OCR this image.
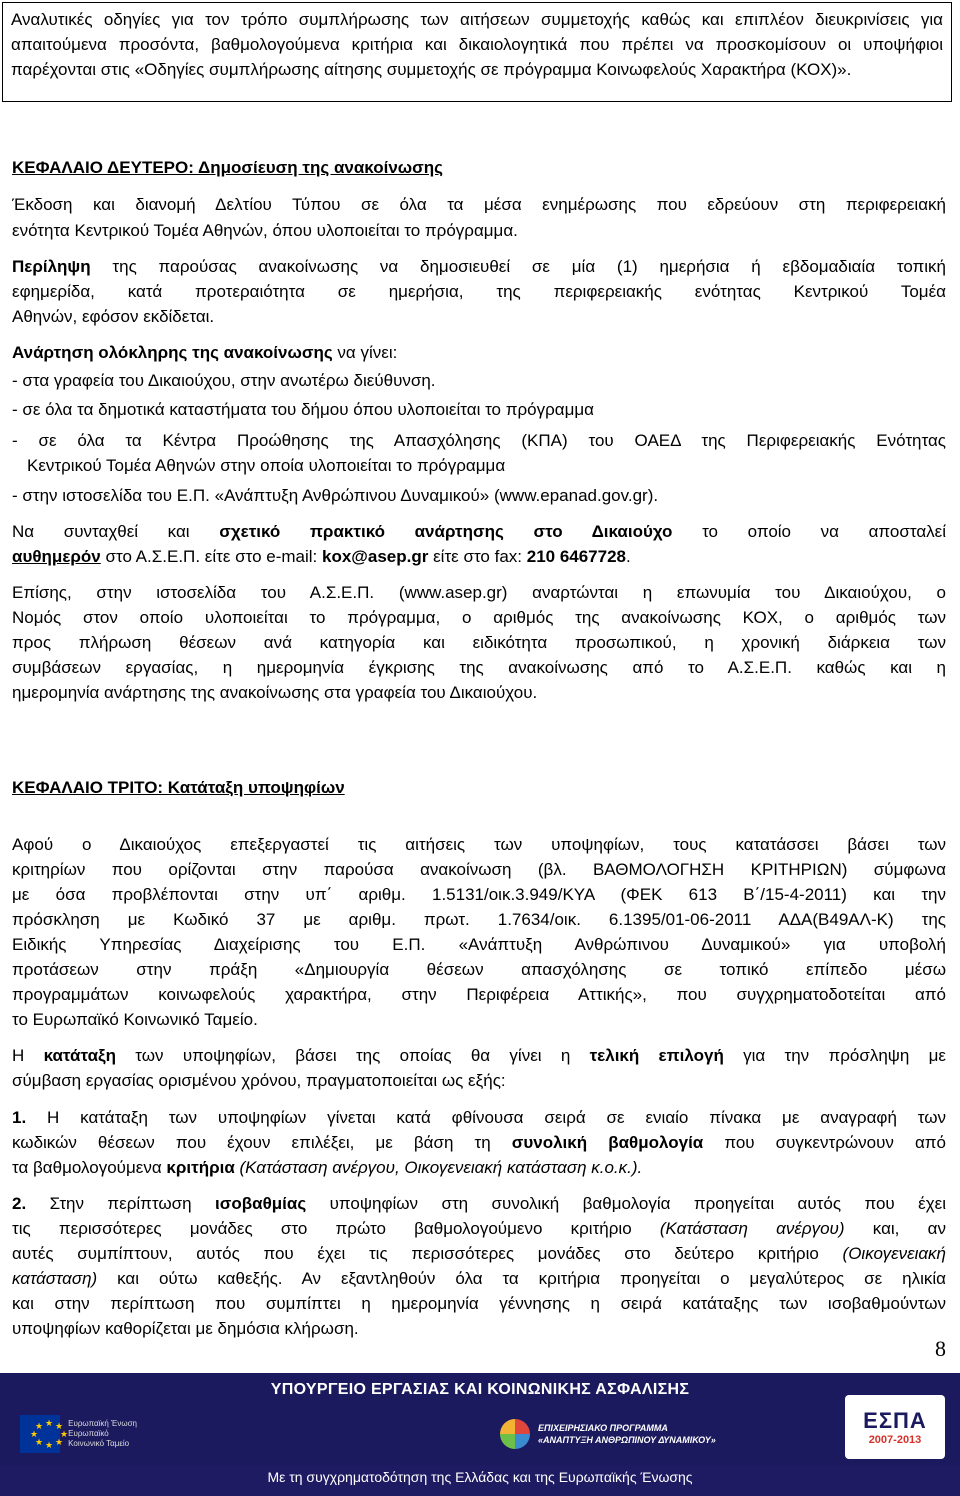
Αναλυτικές οδηγίες για τον τρόπο συμπλήρωσης των αιτήσεων συμμετοχής καθώς και επιπλέον διευκρινίσεις για απαιτούμενα προσόντα, βαθμολογούμενα κριτήρια και δικαιολογητικά που πρέπει να προσκομίσουν οι υποψήφιοι παρέχονται στις «Οδηγίες συμπλήρωσης αίτησης συμμετοχής σε πρόγραμμα Κοινωφελούς Χαρακτήρα (ΚΟΧ)».
ΚΕΦΑΛΑΙΟ ΔΕΥΤΕΡΟ: Δημοσίευση της ανακοίνωσης
Έκδοση και διανομή Δελτίου Τύπου σε όλα τα μέσα ενημέρωσης που εδρεύουν στη περιφερειακή
ενότητα Κεντρικού Τομέα Αθηνών, όπου υλοποιείται το πρόγραμμα.
Περίληψη της παρούσας ανακοίνωσης να δημοσιευθεί σε μία (1) ημερήσια ή εβδομαδιαία τοπική
εφημερίδα, κατά προτεραιότητα σε ημερήσια, της περιφερειακής ενότητας Κεντρικού Τομέα
Αθηνών, εφόσον εκδίδεται.
Ανάρτηση ολόκληρης της ανακοίνωσης να γίνει:
- στα γραφεία του Δικαιούχου, στην ανωτέρω διεύθυνση.
- σε όλα τα δημοτικά καταστήματα του δήμου όπου υλοποιείται το πρόγραμμα
- σε όλα τα Κέντρα Προώθησης της Απασχόλησης (ΚΠΑ) του ΟΑΕΔ της Περιφερειακής Ενότητας
Κεντρικού Τομέα Αθηνών στην οποία υλοποιείται το πρόγραμμα
- στην ιστοσελίδα του Ε.Π. «Ανάπτυξη Ανθρώπινου Δυναμικού» (www.epanad.gov.gr).
Να συνταχθεί και σχετικό πρακτικό ανάρτησης στο Δικαιούχο το οποίο να αποσταλεί
αυθημερόν στο Α.Σ.Ε.Π. είτε στο e-mail: kox@asep.gr είτε στο fax: 210 6467728.
Επίσης, στην ιστοσελίδα του Α.Σ.Ε.Π. (www.asep.gr) αναρτώνται η επωνυμία του Δικαιούχου, ο
Νομός στον οποίο υλοποιείται το πρόγραμμα, ο αριθμός της ανακοίνωσης ΚΟΧ, ο αριθμός των
προς πλήρωση θέσεων ανά κατηγορία και ειδικότητα προσωπικού, η χρονική διάρκεια των
συμβάσεων εργασίας, η ημερομηνία έγκρισης της ανακοίνωσης από το Α.Σ.Ε.Π. καθώς και η
ημερομηνία ανάρτησης της ανακοίνωσης στα γραφεία του Δικαιούχου.
ΚΕΦΑΛΑΙΟ ΤΡΙΤΟ: Κατάταξη υποψηφίων
Αφού ο Δικαιούχος επεξεργαστεί τις αιτήσεις των υποψηφίων, τους κατατάσσει βάσει των
κριτηρίων που ορίζονται στην παρούσα ανακοίνωση (βλ. ΒΑΘΜΟΛΟΓΗΣΗ ΚΡΙΤΗΡΙΩΝ) σύμφωνα
με όσα προβλέπονται στην υπ΄ αριθμ. 1.5131/οικ.3.949/ΚΥΑ (ΦΕΚ 613 Β΄/15-4-2011) και την
πρόσκληση με Κωδικό 37 με αριθμ. πρωτ. 1.7634/οικ. 6.1395/01-06-2011 ΑΔΑ(Β49ΑΛ-Κ) της
Ειδικής Υπηρεσίας Διαχείρισης του Ε.Π. «Ανάπτυξη Ανθρώπινου Δυναμικού» για υποβολή
προτάσεων στην πράξη «Δημιουργία θέσεων απασχόλησης σε τοπικό επίπεδο μέσω
προγραμμάτων κοινωφελούς χαρακτήρα, στην Περιφέρεια Αττικής», που συγχρηματοδοτείται από
το Ευρωπαϊκό Κοινωνικό Ταμείο.
Η κατάταξη των υποψηφίων, βάσει της οποίας θα γίνει η τελική επιλογή για την πρόσληψη με
σύμβαση εργασίας ορισμένου χρόνου, πραγματοποιείται ως εξής:
1. Η κατάταξη των υποψηφίων γίνεται κατά φθίνουσα σειρά σε ενιαίο πίνακα με αναγραφή των
κωδικών θέσεων που έχουν επιλέξει, με βάση τη συνολική βαθμολογία που συγκεντρώνουν από
τα βαθμολογούμενα κριτήρια (Κατάσταση ανέργου, Οικογενειακή κατάσταση κ.ο.κ.).
2. Στην περίπτωση ισοβαθμίας υποψηφίων στη συνολική βαθμολογία προηγείται αυτός που έχει
τις περισσότερες μονάδες στο πρώτο βαθμολογούμενο κριτήριο (Κατάσταση ανέργου) και, αν
αυτές συμπίπτουν, αυτός που έχει τις περισσότερες μονάδες στο δεύτερο κριτήριο (Οικογενειακή
κατάσταση) και ούτω καθεξής. Αν εξαντληθούν όλα τα κριτήρια προηγείται ο μεγαλύτερος σε ηλικία
και στην περίπτωση που συμπίπτει η ημερομηνία γέννησης η σειρά κατάταξης των ισοβαθμούντων
υποψηφίων καθορίζεται με δημόσια κλήρωση.
8
ΥΠΟΥΡΓΕΙΟ ΕΡΓΑΣΙΑΣ ΚΑΙ ΚΟΙΝΩΝΙΚΗΣ ΑΣΦΑΛΙΣΗΣ
★ ★
★
★
★
★
★
★	Ευρωπαϊκή Ένωση
Ευρωπαϊκό Κοινωνικό Ταμείο
ΕΠΙΧΕΙΡΗΣΙΑΚΟ ΠΡΟΓΡΑΜΜΑ
«ΑΝΑΠΤΥΞΗ ΑΝΘΡΩΠΙΝΟΥ ΔΥΝΑΜΙΚΟΥ»
ΕΣΠΑ
2007-2013
Με τη συγχρηματοδότηση της Ελλάδας και της Ευρωπαϊκής Ένωσης
